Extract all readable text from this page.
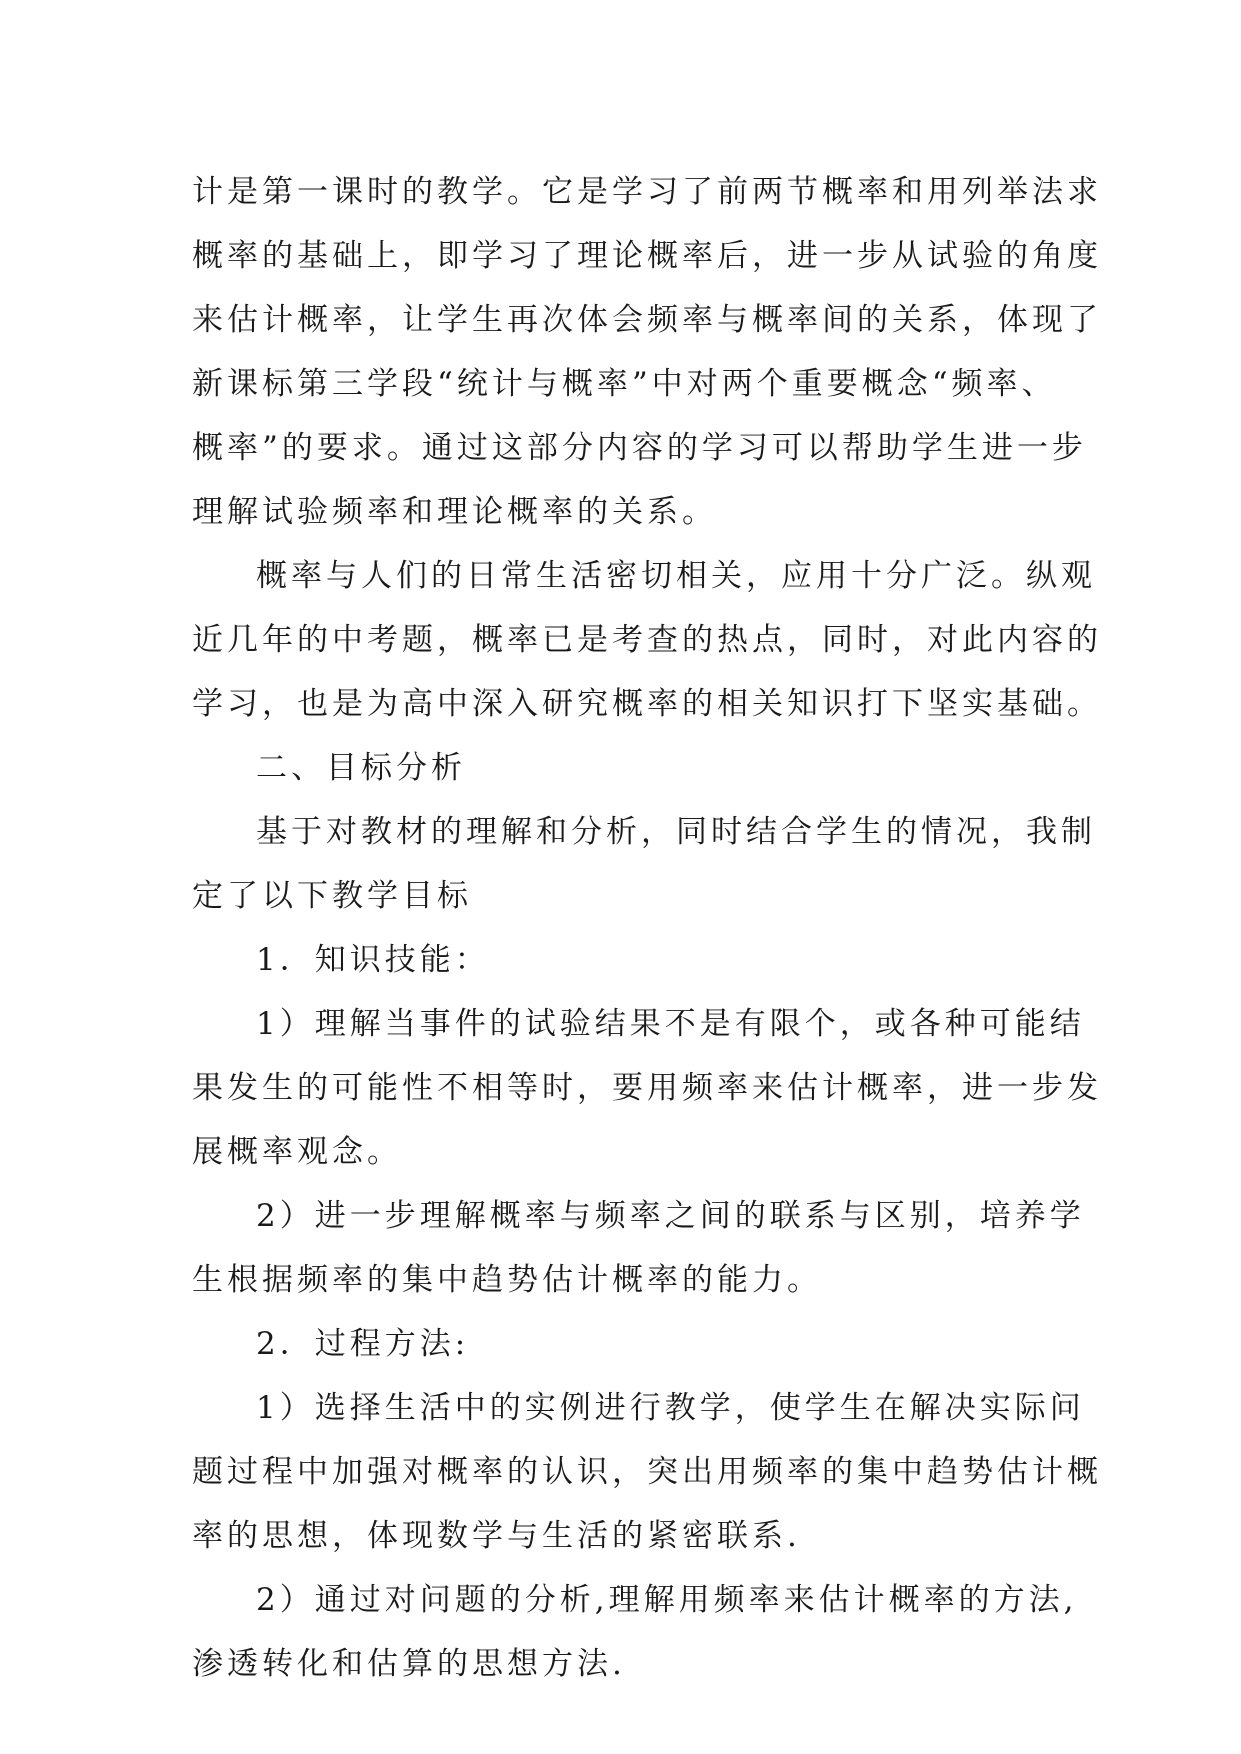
计是第一课时的教学。它是学习了前两节概率和用列举法求
概率的基础上，即学习了理论概率后，进一步从试验的角度
来估计概率，让学生再次体会频率与概率间的关系，体现了
新课标第三学段“统计与概率”中对两个重要概念“频率、
概率”的要求。通过这部分内容的学习可以帮助学生进一步
理解试验频率和理论概率的关系。
概率与人们的日常生活密切相关，应用十分广泛。纵观
近几年的中考题，概率已是考查的热点，同时，对此内容的
学习，也是为高中深入研究概率的相关知识打下坚实基础。
二、目标分析
基于对教材的理解和分析，同时结合学生的情况，我制
定了以下教学目标
1．知识技能：
1）理解当事件的试验结果不是有限个，或各种可能结
果发生的可能性不相等时，要用频率来估计概率，进一步发
展概率观念。
2）进一步理解概率与频率之间的联系与区别，培养学
生根据频率的集中趋势估计概率的能力。
2．过程方法:
1）选择生活中的实例进行教学，使学生在解决实际问
题过程中加强对概率的认识，突出用频率的集中趋势估计概
率的思想，体现数学与生活的紧密联系.
2）通过对问题的分析,理解用频率来估计概率的方法,
渗透转化和估算的思想方法.
